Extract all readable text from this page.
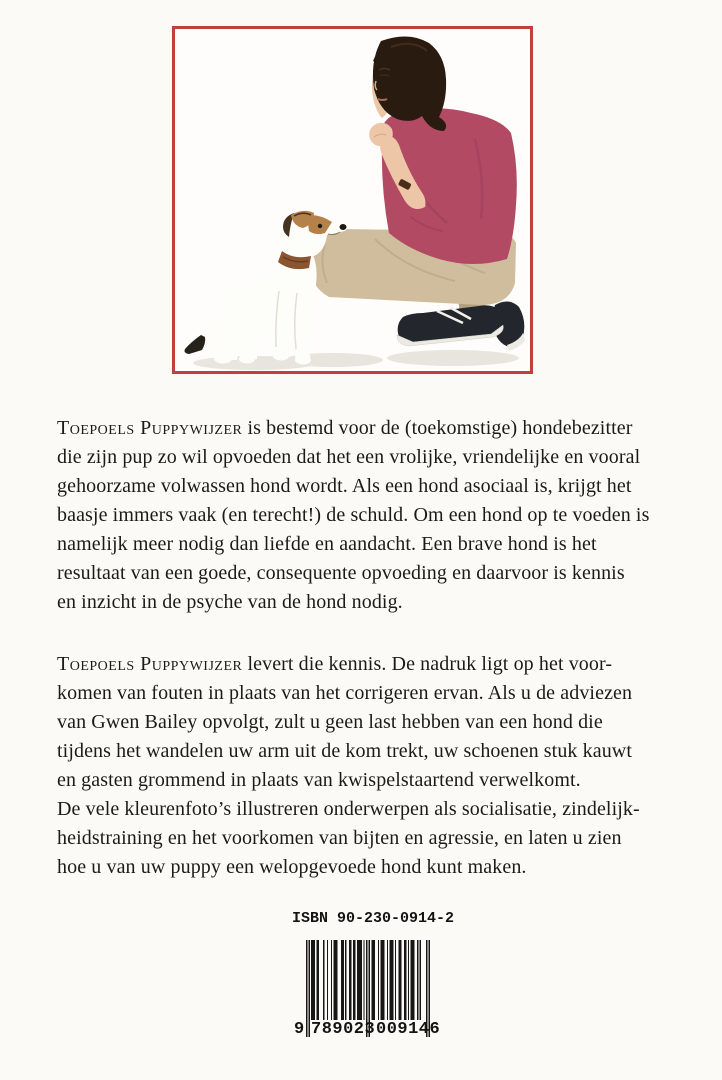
Toepoels Puppywijzer is bestemd voor de (toekomstige) hondebezitter
die zijn pup zo wil opvoeden dat het een vrolijke, vriendelijke en vooral
gehoorzame volwassen hond wordt. Als een hond asociaal is, krijgt het
baasje immers vaak (en terecht!) de schuld. Om een hond op te voeden is
namelijk meer nodig dan liefde en aandacht. Een brave hond is het
resultaat van een goede, consequente opvoeding en daarvoor is kennis
en inzicht in de psyche van de hond nodig.

Toepoels Puppywijzer levert die kennis. De nadruk ligt op het voor-
komen van fouten in plaats van het corrigeren ervan. Als u de adviezen
van Gwen Bailey opvolgt, zult u geen last hebben van een hond die
tijdens het wandelen uw arm uit de kom trekt, uw schoenen stuk kauwt
en gasten grommend in plaats van kwispelstaartend verwelkomt.
De vele kleurenfoto’s illustreren onderwerpen als socialisatie, zindelijk-
heidstraining en het voorkomen van bijten en agressie, en laten u zien
hoe u van uw puppy een welopgevoede hond kunt maken.

ISBN 90-230-0914-2
9 789023 009146
